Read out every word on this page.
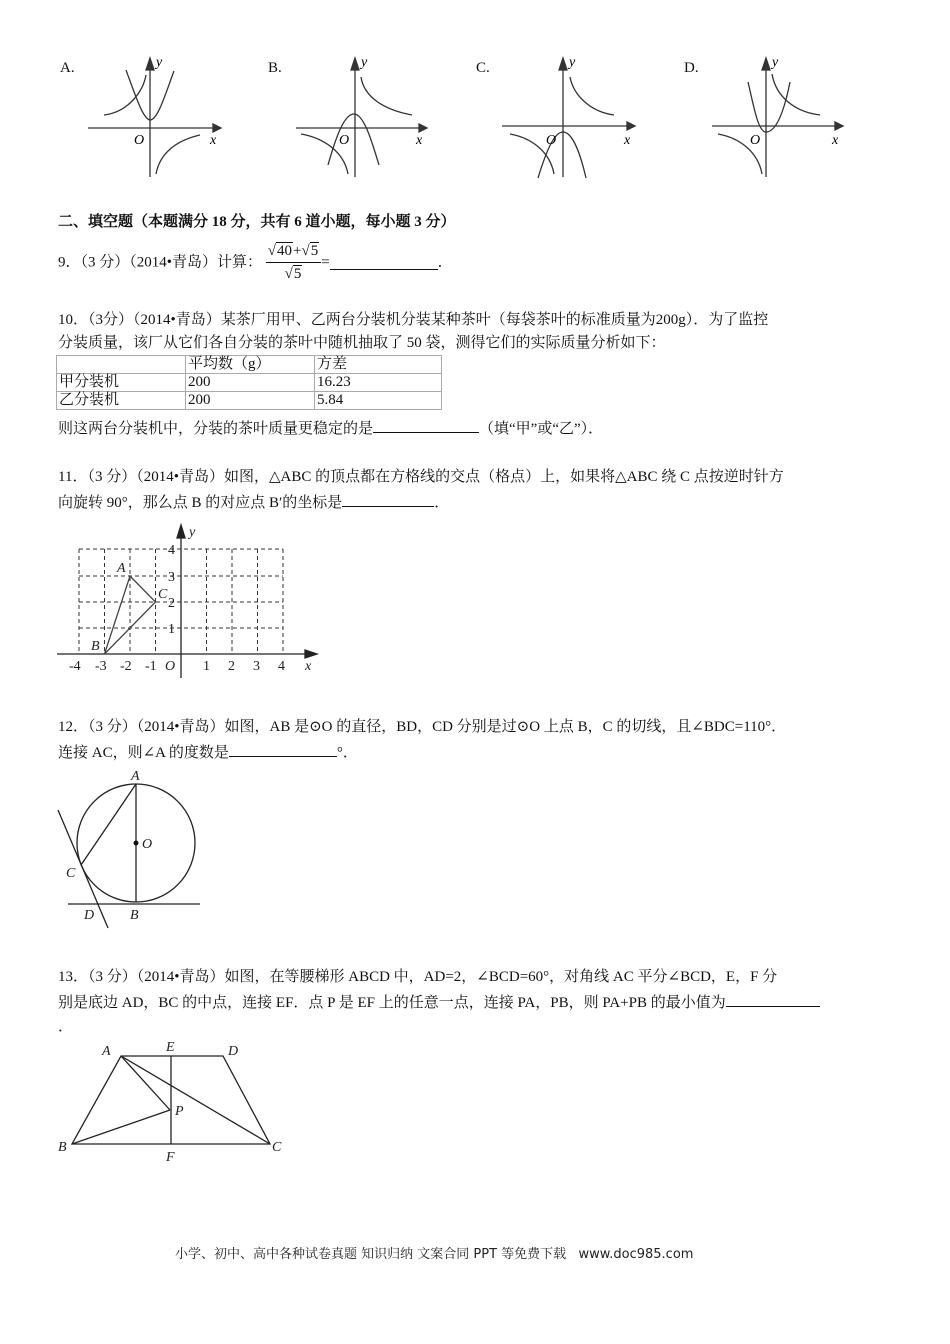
A.	y
x
O
B.	y
x
O
C.	y
x
O
D.	y
x
O
二、填空题（本题满分 18 分，共有 6 道小题，每小题 3 分）
9．（3 分）（2014•青岛）计算： $\frac{√40+√5}{√5}$ =	．
10．（3分）（2014•青岛）某茶厂用甲、乙两台分装机分装某种茶叶（每袋茶叶的标准质量为200g）．为了监控
分装质量，该厂从它们各自分装的茶叶中随机抽取了 50 袋，测得它们的实际质量分析如下：
	平均数（g）	方差
甲分装机	200	16.23
乙分装机	200	5.84
则这两台分装机中，分装的茶叶质量更稳定的是	（填“甲”或“乙”）．
11．（3 分）（2014•青岛）如图，△ABC 的顶点都在方格线的交点（格点）上，如果将△ABC 绕 C 点按逆时针方
向旋转 90°，那么点 B 的对应点 B′的坐标是	．
A
B
C
y
x
O
-4 -3 -2 -1	1 2 3 4
1
2
3
4
12．（3 分）（2014•青岛）如图，AB 是⊙O 的直径，BD，CD 分别是过⊙O 上点 B，C 的切线，且∠BDC=110°．
连接 AC，则∠A 的度数是	°．
A
O
C
D	B
13．（3 分）（2014•青岛）如图，在等腰梯形 ABCD 中，AD=2，∠BCD=60°，对角线 AC 平分∠BCD，E，F 分
别是底边 AD，BC 的中点，连接 EF．点 P 是 EF 上的任意一点，连接 PA，PB，则 PA+PB 的最小值为
．
A	E	D
P
B
F
C
小学、初中、高中各种试卷真题 知识归纳 文案合同 PPT 等免费下载   www.doc985.com
